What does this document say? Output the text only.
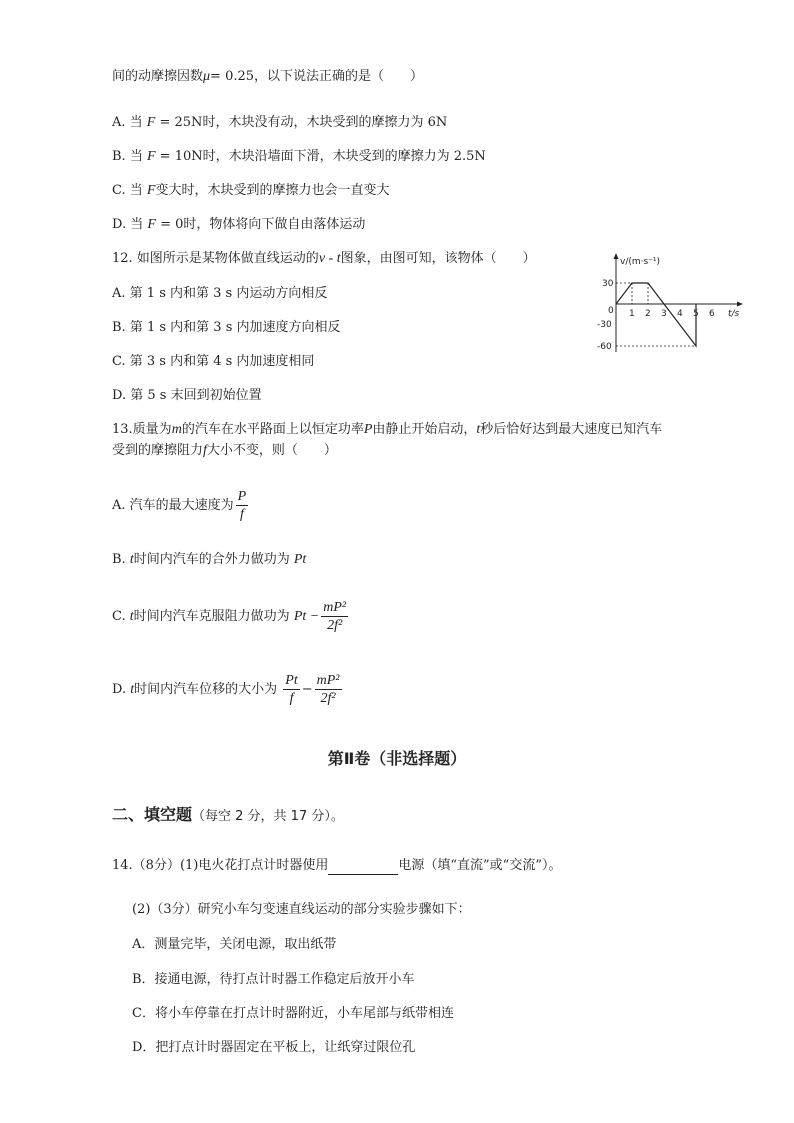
间的动摩擦因数μ= 0.25，以下说法正确的是（　　）
A. 当 F = 25N时，木块没有动，木块受到的摩擦力为 6N
B. 当 F = 10N时，木块沿墙面下滑，木块受到的摩擦力为 2.5N
C. 当 F变大时，木块受到的摩擦力也会一直变大
D. 当 F = 0时，物体将向下做自由落体运动
12. 如图所示是某物体做直线运动的v - t图象，由图可知，该物体（　　）
A. 第 1 s 内和第 3 s 内运动方向相反
B. 第 1 s 内和第 3 s 内加速度方向相反
C. 第 3 s 内和第 4 s 内加速度相同
D. 第 5 s 末回到初始位置
v/(m·s⁻¹)
t/s
0
30
-30
-60
1 2 3 4 5 6
13.质量为m的汽车在水平路面上以恒定功率P由静止开始启动，t秒后恰好达到最大速度已知汽车
受到的摩擦阻力f大小不变，则（　　）
A. 汽车的最大速度为 $\frac{P}{f}$
B. t时间内汽车的合外力做功为 Pt
C. t时间内汽车克服阻力做功为 $Pt - \frac{\text{mP²}}{\text{2f²}}$
D. t时间内汽车位移的大小为 $\frac{Pt}{f} - \frac{\text{mP²}}{\text{2f²}}$
第Ⅱ卷（非选择题）
二、填空题（每空 2 分，共 17 分）。
14.（8分）(1)电火花打点计时器使用	电源（填“直流”或“交流”）。
(2)（3分）研究小车匀变速直线运动的部分实验步骤如下：
A．测量完毕，关闭电源，取出纸带
B．接通电源，待打点计时器工作稳定后放开小车
C．将小车停靠在打点计时器附近，小车尾部与纸带相连
D．把打点计时器固定在平板上，让纸穿过限位孔
